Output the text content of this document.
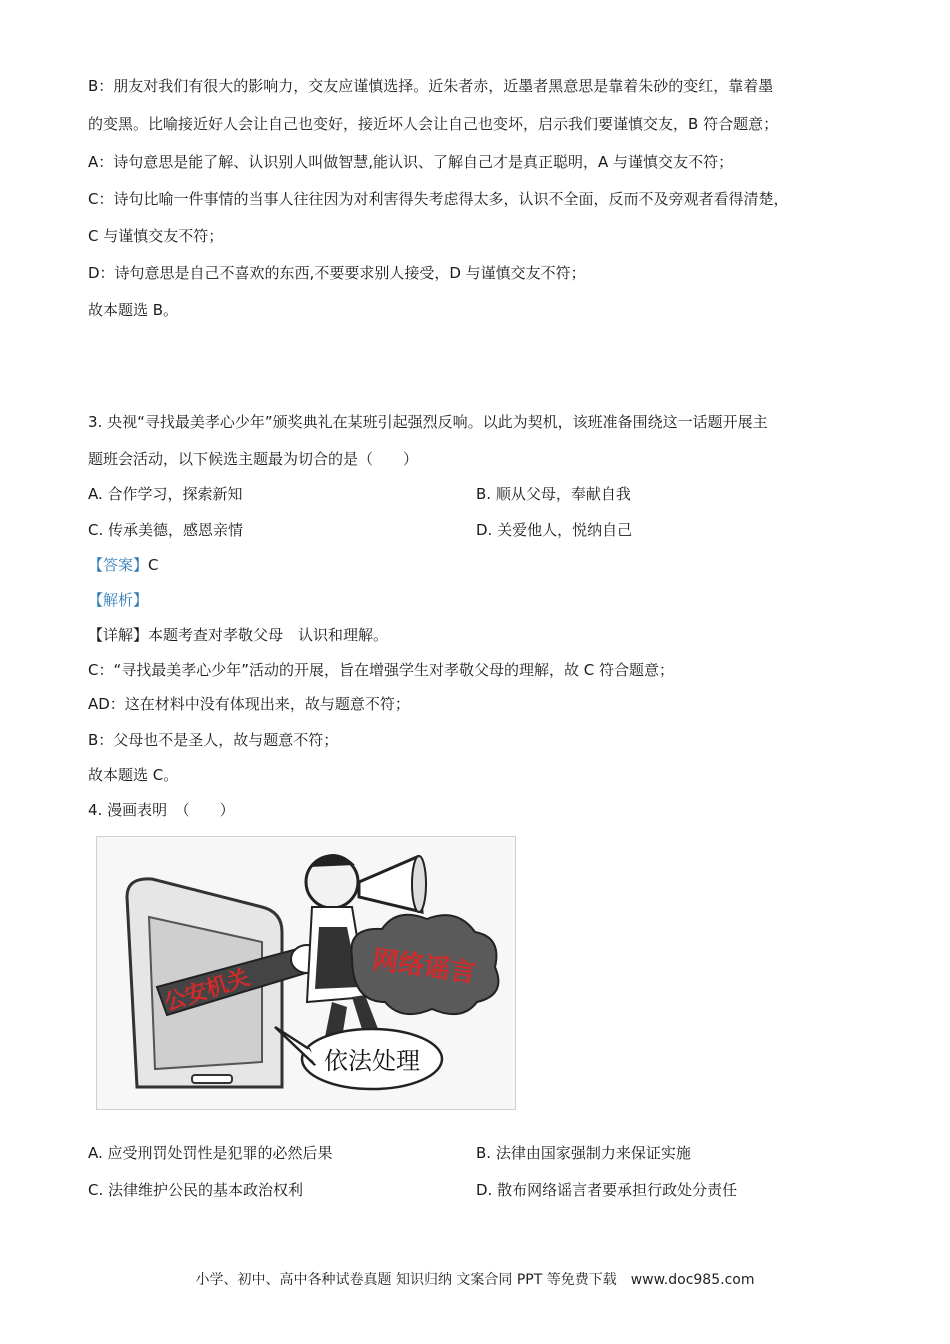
B：朋友对我们有很大的影响力，交友应谨慎选择。近朱者赤，近墨者黑意思是靠着朱砂的变红，靠着墨
的变黑。比喻接近好人会让自己也变好，接近坏人会让自己也变坏，启示我们要谨慎交友，B 符合题意；
A：诗句意思是能了解、认识别人叫做智慧,能认识、了解自己才是真正聪明，A 与谨慎交友不符；
C：诗句比喻一件事情的当事人往往因为对利害得失考虑得太多，认识不全面，反而不及旁观者看得清楚，
C 与谨慎交友不符；
D：诗句意思是自己不喜欢的东西,不要要求别人接受，D 与谨慎交友不符；
故本题选 B。
3. 央视“寻找最美孝心少年”颁奖典礼在某班引起强烈反响。以此为契机，该班准备围绕这一话题开展主
题班会活动，以下候选主题最为切合的是（　　）
A. 合作学习，探索新知	B. 顺从父母，奉献自我
C. 传承美德，感恩亲情	D. 关爱他人，悦纳自己
【答案】C
【解析】
【详解】本题考查对孝敬父母　认识和理解。
C：“寻找最美孝心少年”活动的开展，旨在增强学生对孝敬父母的理解，故 C 符合题意；
AD：这在材料中没有体现出来，故与题意不符；
B：父母也不是圣人，故与题意不符；
故本题选 C。
4. 漫画表明　（　　）
网络谣言
公安机关
依法处理
A. 应受刑罚处罚性是犯罪的必然后果	B. 法律由国家强制力来保证实施
C. 法律维护公民的基本政治权利	D. 散布网络谣言者要承担行政处分责任
小学、初中、高中各种试卷真题 知识归纳 文案合同 PPT 等免费下载　www.doc985.com
